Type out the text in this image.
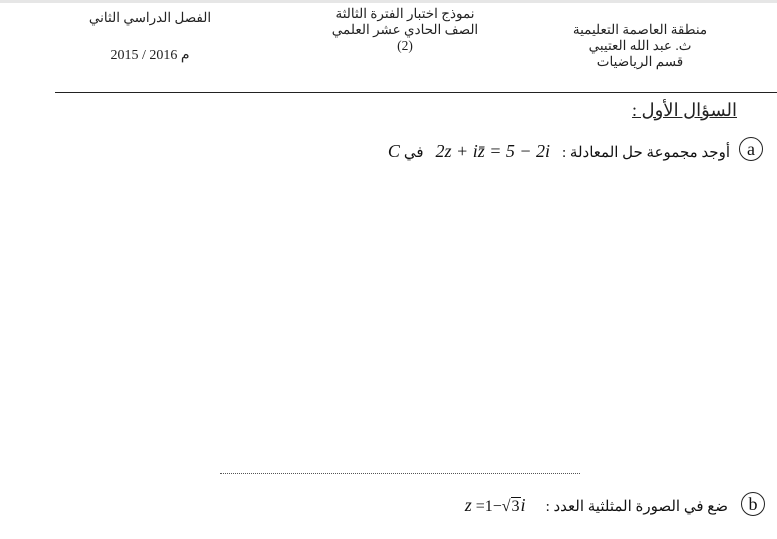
منطقة العاصمة التعليمية
ث. عبد الله العتيبي
قسم الرياضيات
نموذج اختبار الفترة الثالثة
الصف الحادي عشر العلمي
(2)
الفصل الدراسي الثاني
2015 / 2016 م
السؤال الأول :
a
C في 2z + iz̄ = 5 − 2i أوجد مجموعة حل المعادلة :
b
z =1−√3i ضع في الصورة المثلثية العدد :
